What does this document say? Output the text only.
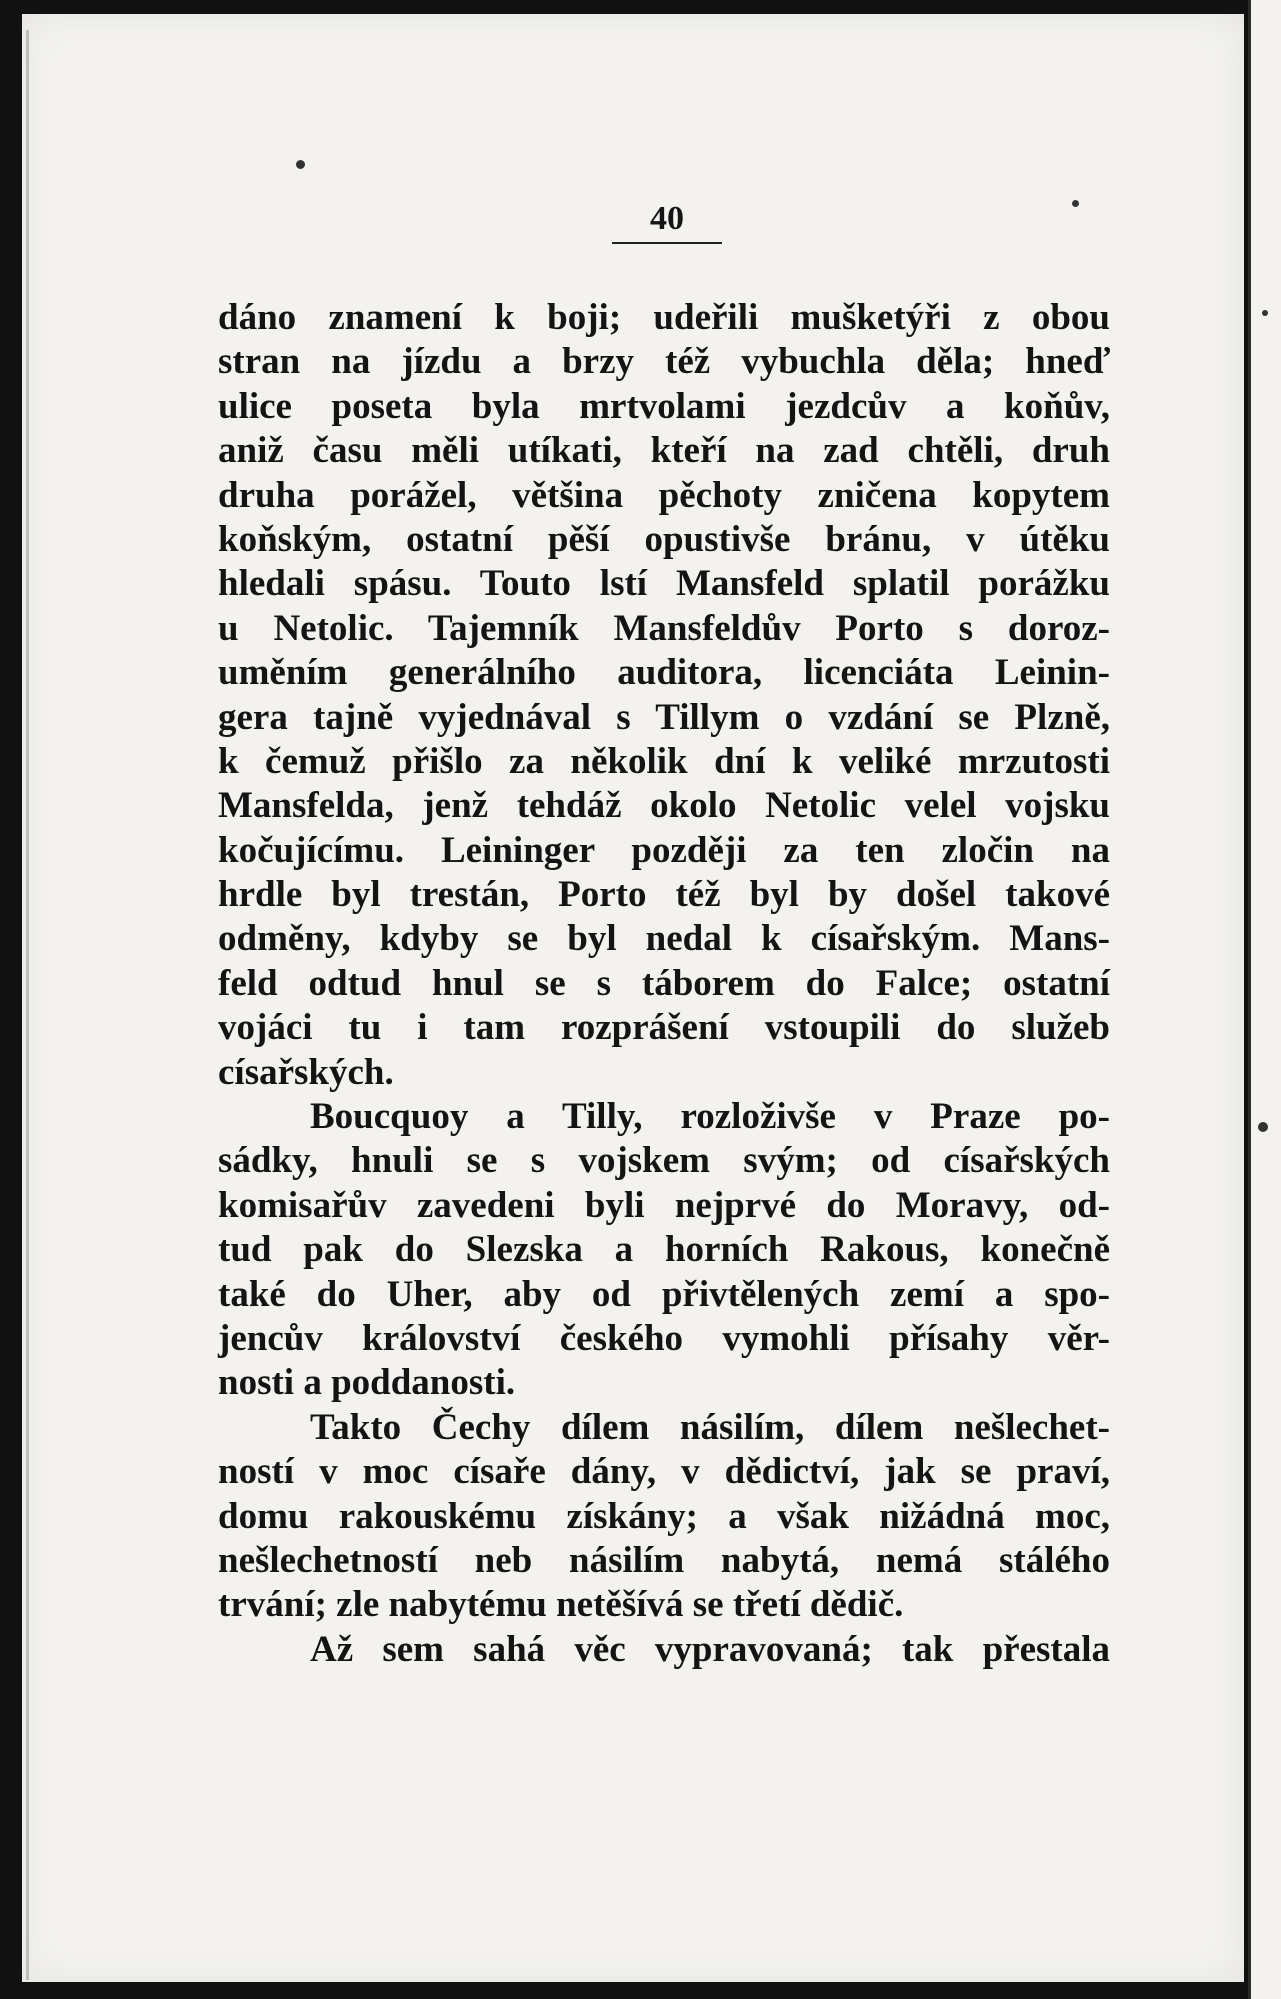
40
dáno znamení k boji; udeřili mušketýři z obou
stran na jízdu a brzy též vybuchla děla; hneď
ulice poseta byla mrtvolami jezdcův a koňův,
aniž času měli utíkati, kteří na zad chtěli, druh
druha porážel, většina pěchoty zničena kopytem
koňským, ostatní pěší opustivše bránu, v útěku
hledali spásu. Touto lstí Mansfeld splatil porážku
u Netolic. Tajemník Mansfeldův Porto s doroz-
uměním generálního auditora, licenciáta Leinin-
gera tajně vyjednával s Tillym o vzdání se Plzně,
k čemuž přišlo za několik dní k veliké mrzutosti
Mansfelda, jenž tehdáž okolo Netolic velel vojsku
kočujícímu. Leininger později za ten zločin na
hrdle byl trestán, Porto též byl by došel takové
odměny, kdyby se byl nedal k císařským. Mans-
feld odtud hnul se s táborem do Falce; ostatní
vojáci tu i tam rozprášení vstoupili do služeb
císařských.
Boucquoy a Tilly, rozloživše v Praze po-
sádky, hnuli se s vojskem svým; od císařských
komisařův zavedeni byli nejprvé do Moravy, od-
tud pak do Slezska a horních Rakous, konečně
také do Uher, aby od přivtělených zemí a spo-
jencův království českého vymohli přísahy věr-
nosti a poddanosti.
Takto Čechy dílem násilím, dílem nešlechet-
ností v moc císaře dány, v dědictví, jak se praví,
domu rakouskému získány; a však nižádná moc,
nešlechetností neb násilím nabytá, nemá stálého
trvání; zle nabytému netěšívá se třetí dědič.
Až sem sahá věc vypravovaná; tak přestala
